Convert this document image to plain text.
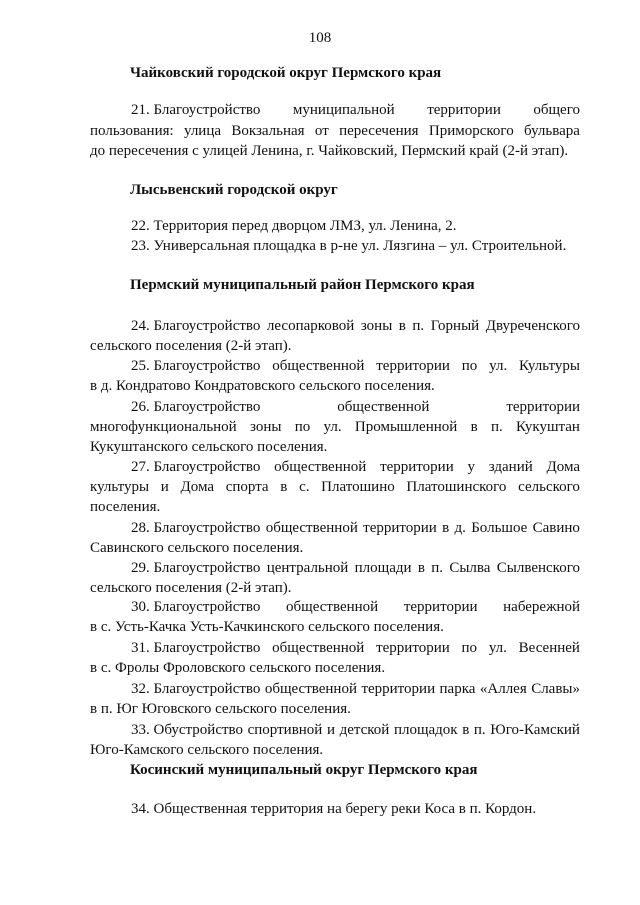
108
Чайковский городской округ Пермского края
21. Благоустройство муниципальной территории общего
пользования: улица Вокзальная от пересечения Приморского бульвара
до пересечения с улицей Ленина, г. Чайковский, Пермский край (2-й этап).
Лысьвенский городской округ
22. Территория перед дворцом ЛМЗ, ул. Ленина, 2.
23. Универсальная площадка в р-не ул. Лязгина – ул. Строительной.
Пермский муниципальный район Пермского края
24. Благоустройство лесопарковой зоны в п. Горный Двуреченского
сельского поселения (2-й этап).
25. Благоустройство общественной территории по ул. Культуры
в д. Кондратово Кондратовского сельского поселения.
26. Благоустройство	общественной	территории
многофункциональной зоны по ул. Промышленной в п. Кукуштан
Кукуштанского сельского поселения.
27. Благоустройство общественной территории у зданий Дома
культуры и Дома спорта в с. Платошино Платошинского сельского
поселения.
28. Благоустройство общественной территории в д. Большое Савино
Савинского сельского поселения.
29. Благоустройство центральной площади в п. Сылва Сылвенского
сельского поселения (2-й этап).
30. Благоустройство общественной территории набережной
в с. Усть-Качка Усть-Качкинского сельского поселения.
31. Благоустройство общественной территории по ул. Весенней
в с. Фролы Фроловского сельского поселения.
32. Благоустройство общественной территории парка «Аллея Славы»
в п. Юг Юговского сельского поселения.
33. Обустройство спортивной и детской площадок в п. Юго-Камский
Юго-Камского сельского поселения.
Косинский муниципальный округ Пермского края
34. Общественная территория на берегу реки Коса в п. Кордон.
